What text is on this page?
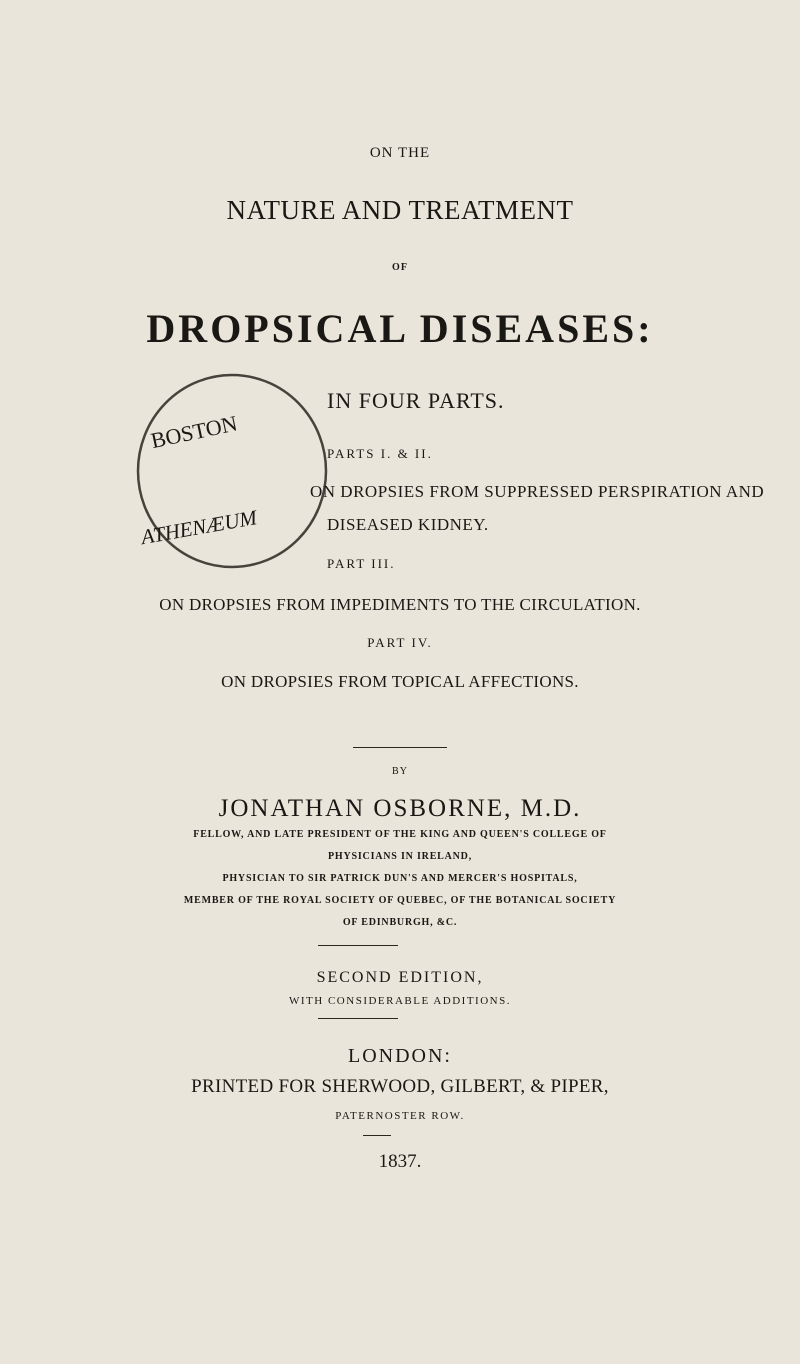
BOSTON
ATHENÆUM
ON THE
NATURE AND TREATMENT
OF
DROPSICAL DISEASES:
IN FOUR PARTS.
PARTS I. & II.
ON DROPSIES FROM SUPPRESSED PERSPIRATION AND
DISEASED KIDNEY.
PART III.
ON DROPSIES FROM IMPEDIMENTS TO THE CIRCULATION.
PART IV.
ON DROPSIES FROM TOPICAL AFFECTIONS.
BY
JONATHAN OSBORNE, M.D.
FELLOW, AND LATE PRESIDENT OF THE KING AND QUEEN'S COLLEGE OF
PHYSICIANS IN IRELAND,
PHYSICIAN TO SIR PATRICK DUN'S AND MERCER'S HOSPITALS,
MEMBER OF THE ROYAL SOCIETY OF QUEBEC, OF THE BOTANICAL SOCIETY
OF EDINBURGH, &C.
SECOND EDITION,
WITH CONSIDERABLE ADDITIONS.
LONDON:
PRINTED FOR SHERWOOD, GILBERT, & PIPER,
PATERNOSTER ROW.
1837.
